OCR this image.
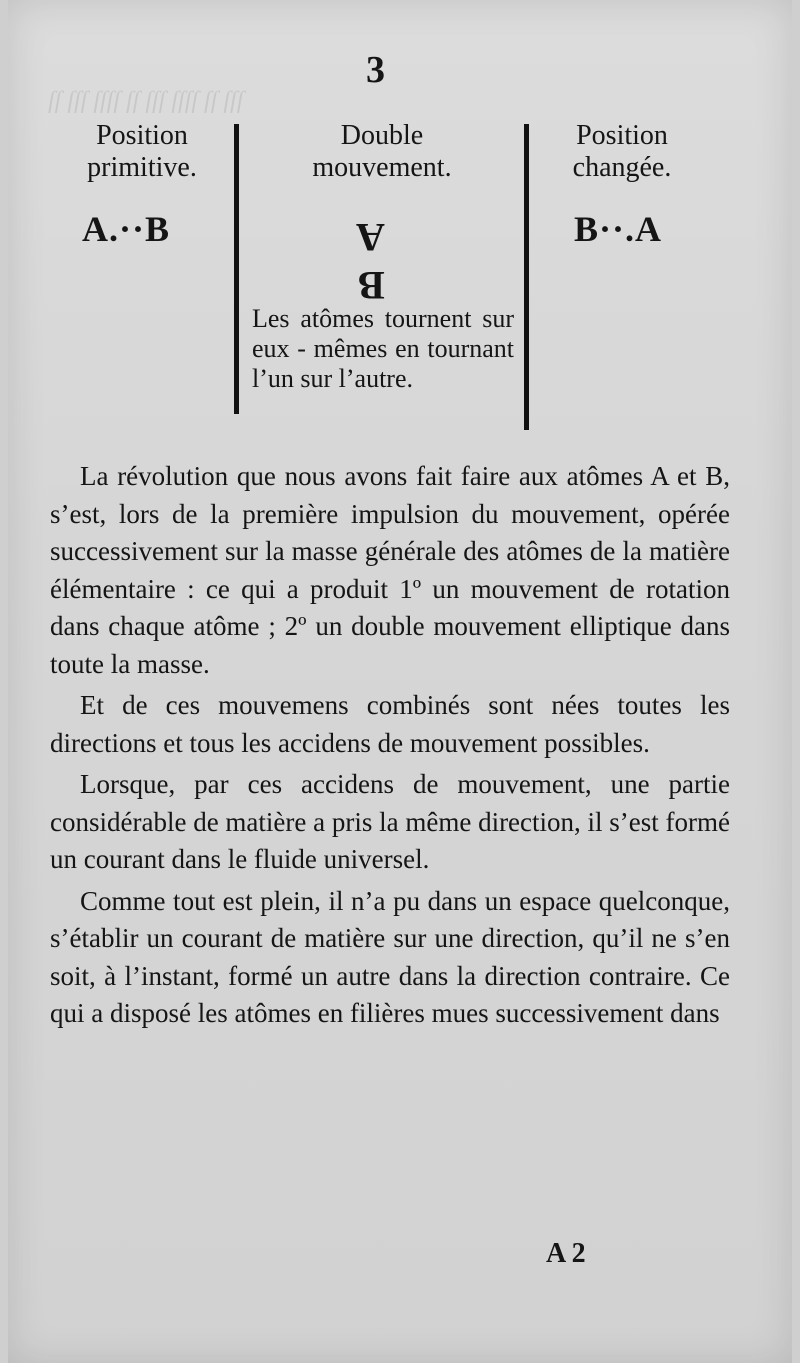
ſſ ſſſ ſſſſ ſſ ſſſ ſſſſ ſſ ſſſ
3
Position
primitive.
A.··B
Double
mouvement.
A
B
Les atômes tournent sur eux - mêmes en tournant l’un sur l’autre.
Position
changée.
B··.A

La révolution que nous avons fait faire aux atômes A et B, s’est, lors de la première impulsion du mouvement, opérée successivement sur la masse générale des atômes de la matière élémentaire : ce qui a produit 1º un mouvement de rotation dans chaque atôme ; 2º un double mouvement elliptique dans toute la masse.

Et de ces mouvemens combinés sont nées toutes les directions et tous les accidens de mouvement possibles.

Lorsque, par ces accidens de mouvement, une partie considérable de matière a pris la même direction, il s’est formé un courant dans le fluide universel.

Comme tout est plein, il n’a pu dans un espace quelconque, s’établir un courant de matière sur une direction, qu’il ne s’en soit, à l’instant, formé un autre dans la direction contraire. Ce qui a disposé les atômes en filières mues successivement dans

A 2
